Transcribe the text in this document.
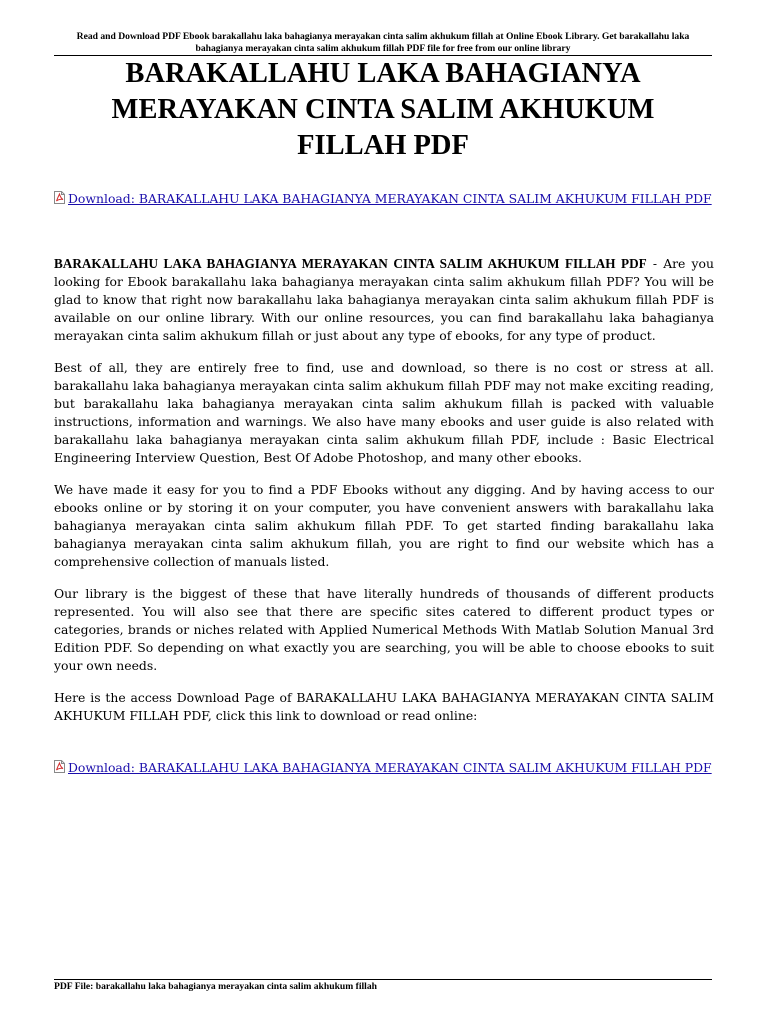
Read and Download PDF Ebook barakallahu laka bahagianya merayakan cinta salim akhukum fillah at Online Ebook Library. Get barakallahu laka bahagianya merayakan cinta salim akhukum fillah PDF file for free from our online library
BARAKALLAHU LAKA BAHAGIANYA MERAYAKAN CINTA SALIM AKHUKUM FILLAH PDF
Download: BARAKALLAHU LAKA BAHAGIANYA MERAYAKAN CINTA SALIM AKHUKUM FILLAH PDF

BARAKALLAHU LAKA BAHAGIANYA MERAYAKAN CINTA SALIM AKHUKUM FILLAH PDF - Are you looking for Ebook barakallahu laka bahagianya merayakan cinta salim akhukum fillah PDF? You will be glad to know that right now barakallahu laka bahagianya merayakan cinta salim akhukum fillah PDF is available on our online library. With our online resources, you can find barakallahu laka bahagianya merayakan cinta salim akhukum fillah or just about any type of ebooks, for any type of product.

Best of all, they are entirely free to find, use and download, so there is no cost or stress at all. barakallahu laka bahagianya merayakan cinta salim akhukum fillah PDF may not make exciting reading, but barakallahu laka bahagianya merayakan cinta salim akhukum fillah is packed with valuable instructions, information and warnings. We also have many ebooks and user guide is also related with barakallahu laka bahagianya merayakan cinta salim akhukum fillah PDF, include : Basic Electrical Engineering Interview Question, Best Of Adobe Photoshop, and many other ebooks.

We have made it easy for you to find a PDF Ebooks without any digging. And by having access to our ebooks online or by storing it on your computer, you have convenient answers with barakallahu laka bahagianya merayakan cinta salim akhukum fillah PDF. To get started finding barakallahu laka bahagianya merayakan cinta salim akhukum fillah, you are right to find our website which has a comprehensive collection of manuals listed.

Our library is the biggest of these that have literally hundreds of thousands of different products represented. You will also see that there are specific sites catered to different product types or categories, brands or niches related with Applied Numerical Methods With Matlab Solution Manual 3rd Edition PDF. So depending on what exactly you are searching, you will be able to choose ebooks to suit your own needs.

Here is the access Download Page of BARAKALLAHU LAKA BAHAGIANYA MERAYAKAN CINTA SALIM AKHUKUM FILLAH PDF, click this link to download or read online:

Download: BARAKALLAHU LAKA BAHAGIANYA MERAYAKAN CINTA SALIM AKHUKUM FILLAH PDF
PDF File: barakallahu laka bahagianya merayakan cinta salim akhukum fillah
